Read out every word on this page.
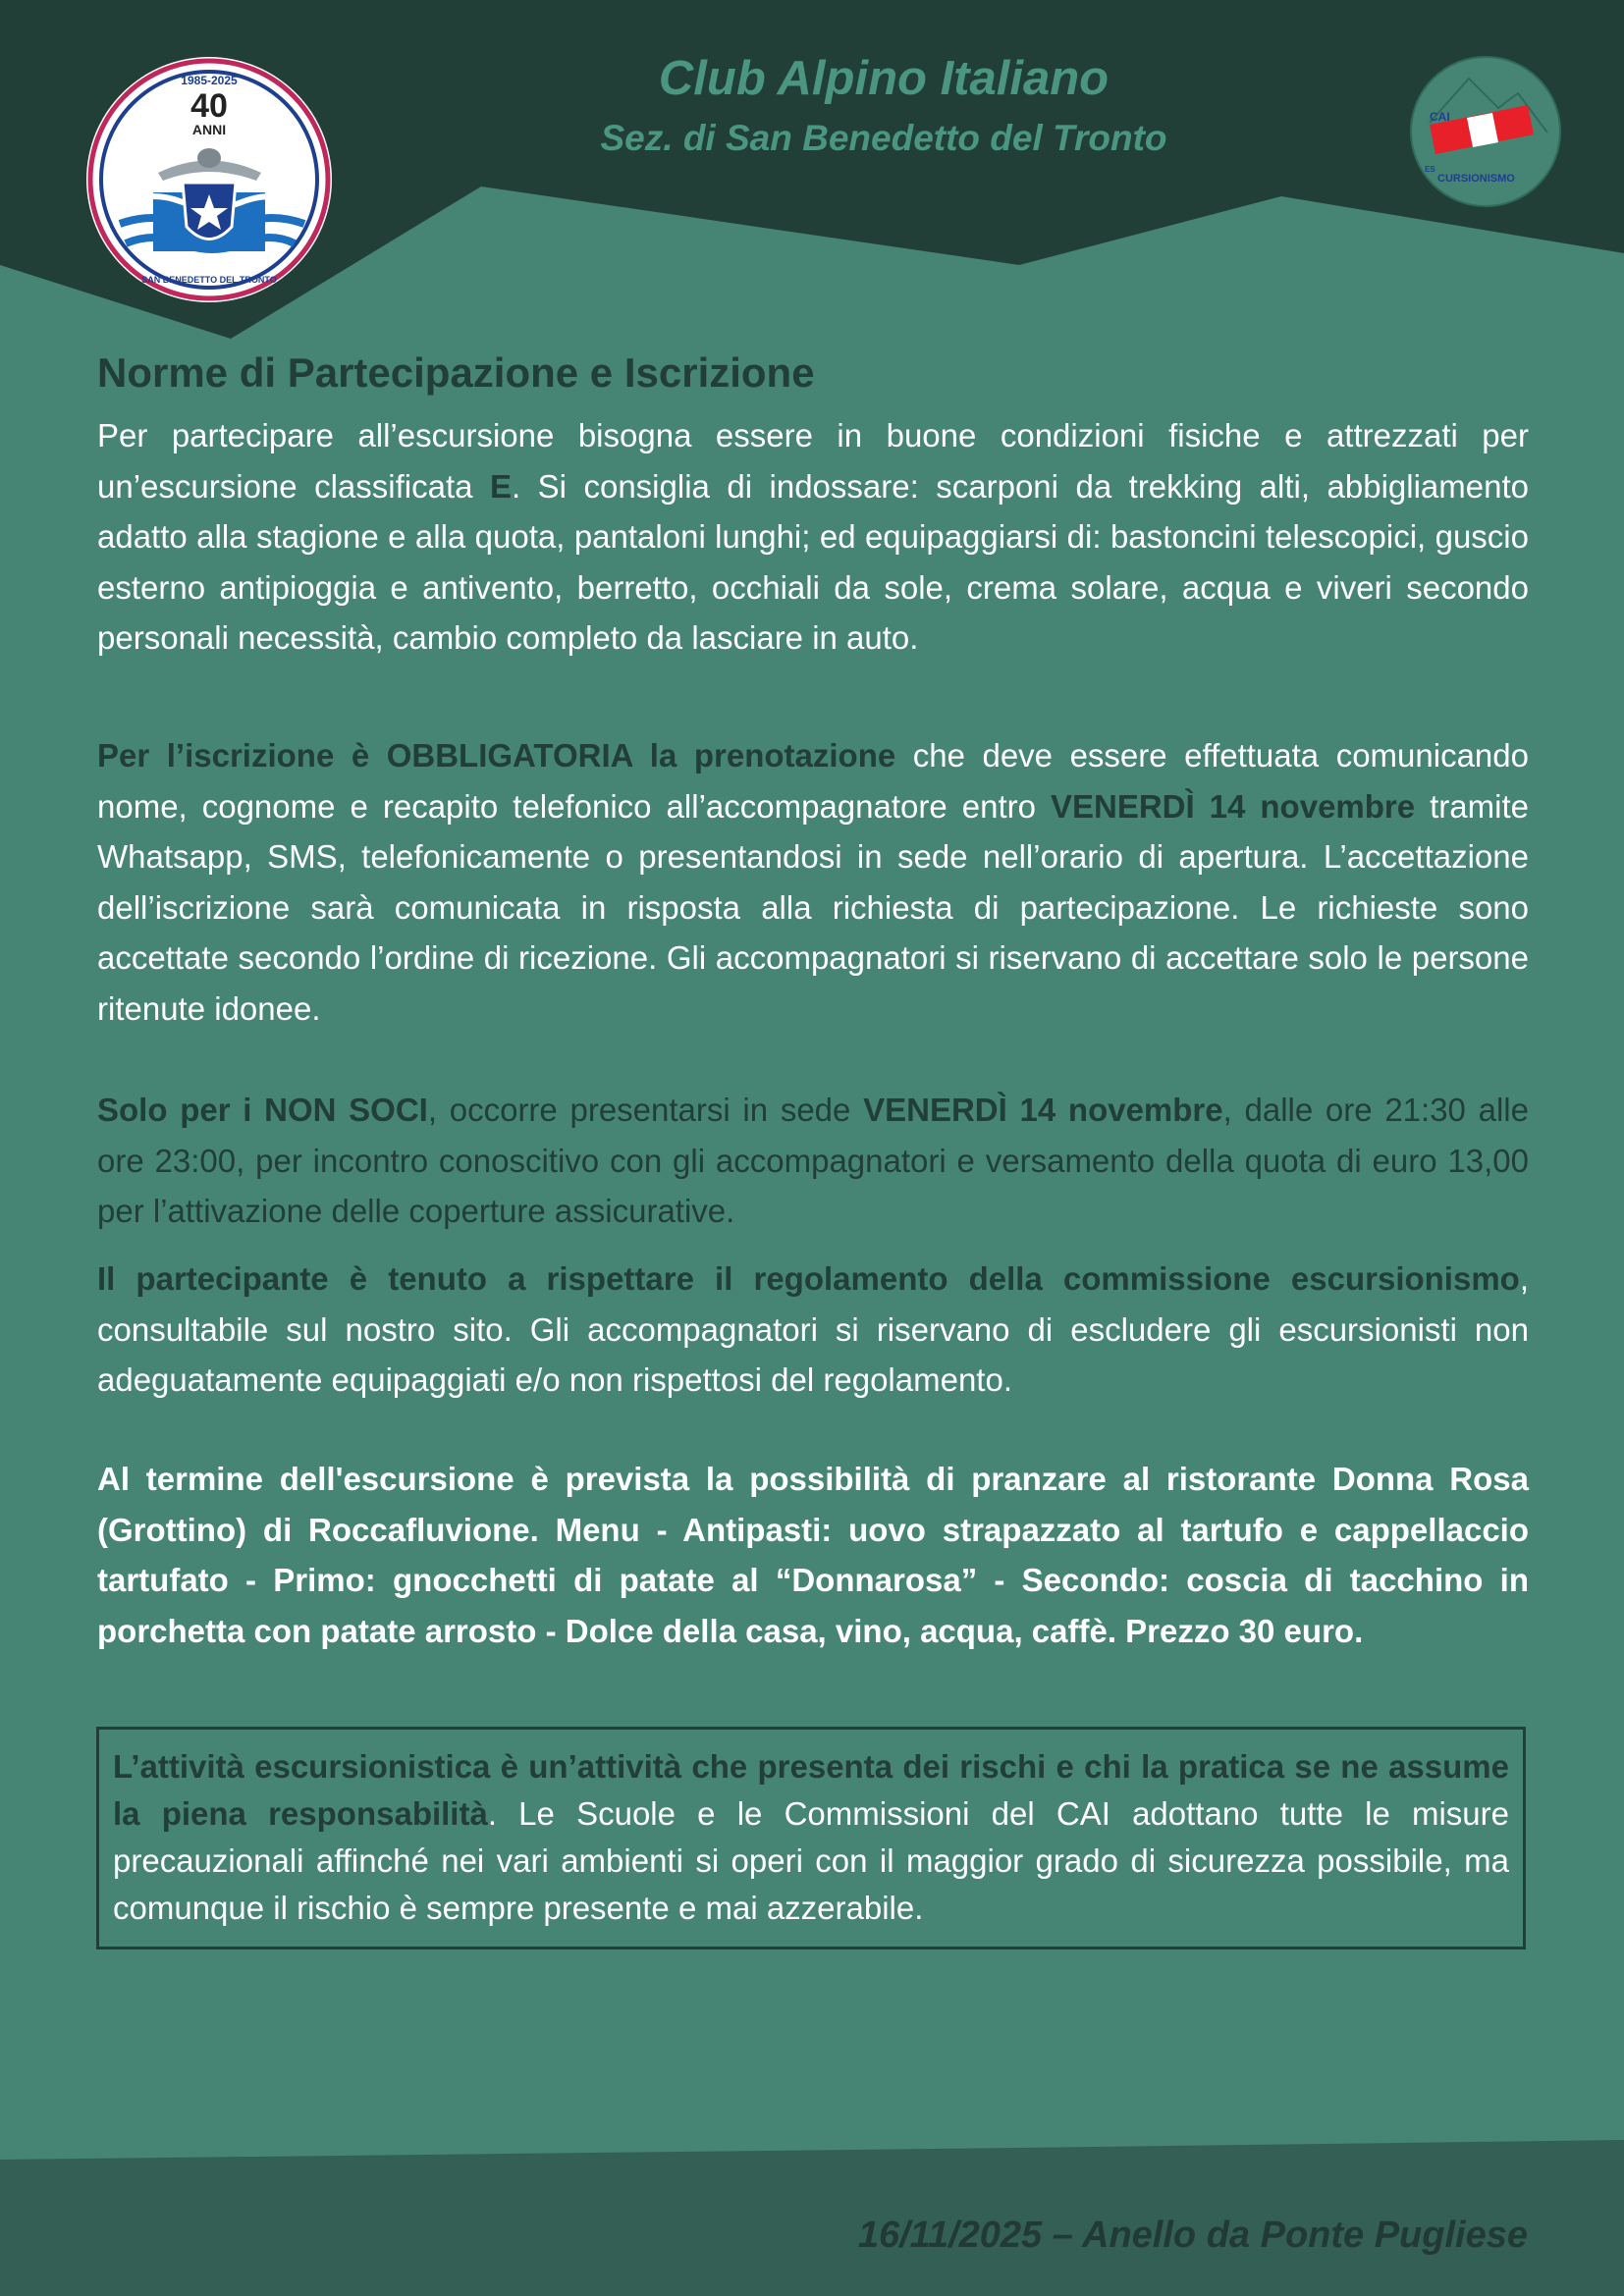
1985-2025
40
ANNI
SAN BENEDETTO DEL TRONTO
CAI
ES
CURSIONISMO
Club Alpino Italiano
Sez. di San Benedetto del Tronto
Norme di Partecipazione e Iscrizione
Per partecipare all’escursione bisogna essere in buone condizioni fisiche e attrezzati per un’escursione classificata E. Si consiglia di indossare: scarponi da trekking alti, abbigliamento adatto alla stagione e alla quota, pantaloni lunghi; ed equipaggiarsi di: bastoncini telescopici, guscio esterno antipioggia e antivento, berretto, occhiali da sole, crema solare, acqua e viveri secondo personali necessità, cambio completo da lasciare in auto.
Per l’iscrizione è OBBLIGATORIA la prenotazione che deve essere effettuata comunicando nome, cognome e recapito telefonico all’accompagnatore entro VENERDÌ 14 novembre tramite Whatsapp, SMS, telefonicamente o presentandosi in sede nell’orario di apertura. L’accettazione dell’iscrizione sarà comunicata in risposta alla richiesta di partecipazione. Le richieste sono accettate secondo l’ordine di ricezione. Gli accompagnatori si riservano di accettare solo le persone ritenute idonee.
Solo per i NON SOCI, occorre presentarsi in sede VENERDÌ 14 novembre, dalle ore 21:30 alle ore 23:00, per incontro conoscitivo con gli accompagnatori e versamento della quota di euro 13,00 per l’attivazione delle coperture assicurative.
Il partecipante è tenuto a rispettare il regolamento della commissione escursionismo, consultabile sul nostro sito. Gli accompagnatori si riservano di escludere gli escursionisti non adeguatamente equipaggiati e/o non rispettosi del regolamento.
Al termine dell'escursione è prevista la possibilità di pranzare al ristorante Donna Rosa (Grottino) di Roccafluvione. Menu - Antipasti: uovo strapazzato al tartufo e cappellaccio tartufato - Primo: gnocchetti di patate al “Donnarosa” - Secondo: coscia di tacchino in porchetta con patate arrosto - Dolce della casa, vino, acqua, caffè. Prezzo 30 euro.
L’attività escursionistica è un’attività che presenta dei rischi e chi la pratica se ne assume la piena responsabilità. Le Scuole e le Commissioni del CAI adottano tutte le misure precauzionali affinché nei vari ambienti si operi con il maggior grado di sicurezza possibile, ma comunque il rischio è sempre presente e mai azzerabile.
16/11/2025 – Anello da Ponte Pugliese
